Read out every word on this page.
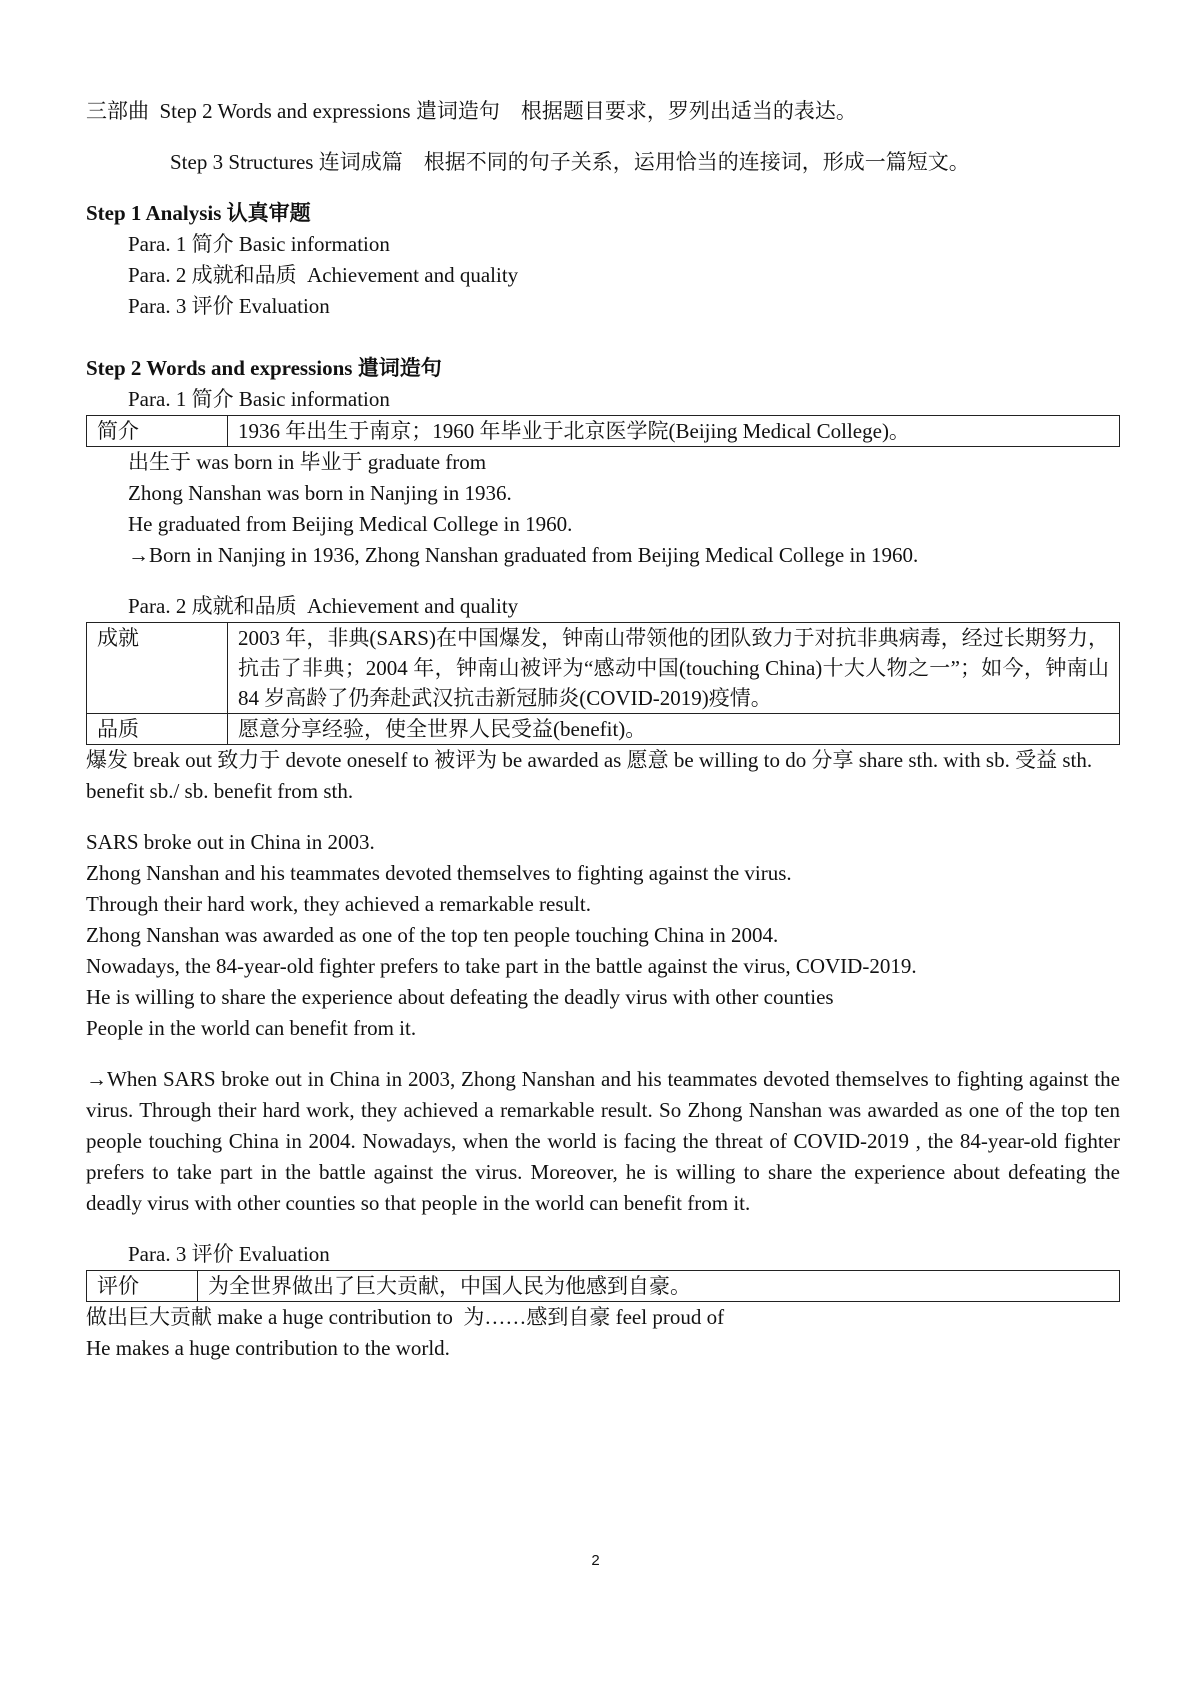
三部曲  Step 2 Words and expressions 遣词造句    根据题目要求，罗列出适当的表达。
Step 3 Structures 连词成篇    根据不同的句子关系，运用恰当的连接词，形成一篇短文。
Step 1 Analysis 认真审题
Para. 1 简介 Basic information
Para. 2 成就和品质  Achievement and quality
Para. 3 评价 Evaluation
Step 2 Words and expressions 遣词造句
Para. 1 简介 Basic information
简介	1936 年出生于南京；1960 年毕业于北京医学院(Beijing Medical College)。
出生于 was born in 毕业于 graduate from
Zhong Nanshan was born in Nanjing in 1936.
He graduated from Beijing Medical College in 1960.
→Born in Nanjing in 1936, Zhong Nanshan graduated from Beijing Medical College in 1960.
Para. 2 成就和品质  Achievement and quality
成就	2003 年，非典(SARS)在中国爆发，钟南山带领他的团队致力于对抗非典病毒，经过长期努力，抗击了非典；2004 年，钟南山被评为“感动中国(touching China)十大人物之一”；如今，钟南山 84 岁高龄了仍奔赴武汉抗击新冠肺炎(COVID-2019)疫情。
品质	愿意分享经验，使全世界人民受益(benefit)。
爆发 break out 致力于 devote oneself to 被评为 be awarded as 愿意 be willing to do 分享 share sth. with sb. 受益 sth. benefit sb./ sb. benefit from sth.
SARS broke out in China in 2003.
Zhong Nanshan and his teammates devoted themselves to fighting against the virus.
Through their hard work, they achieved a remarkable result.
Zhong Nanshan was awarded as one of the top ten people touching China in 2004.
Nowadays, the 84-year-old fighter prefers to take part in the battle against the virus, COVID-2019.
He is willing to share the experience about defeating the deadly virus with other counties
People in the world can benefit from it.
→When SARS broke out in China in 2003, Zhong Nanshan and his teammates devoted themselves to fighting against the virus. Through their hard work, they achieved a remarkable result. So Zhong Nanshan was awarded as one of the top ten people touching China in 2004. Nowadays, when the world is facing the threat of COVID-2019 , the 84-year-old fighter prefers to take part in the battle against the virus. Moreover, he is willing to share the experience about defeating the deadly virus with other counties so that people in the world can benefit from it.
Para. 3 评价 Evaluation
评价	为全世界做出了巨大贡献，中国人民为他感到自豪。
做出巨大贡献 make a huge contribution to  为……感到自豪 feel proud of
He makes a huge contribution to the world.
2
